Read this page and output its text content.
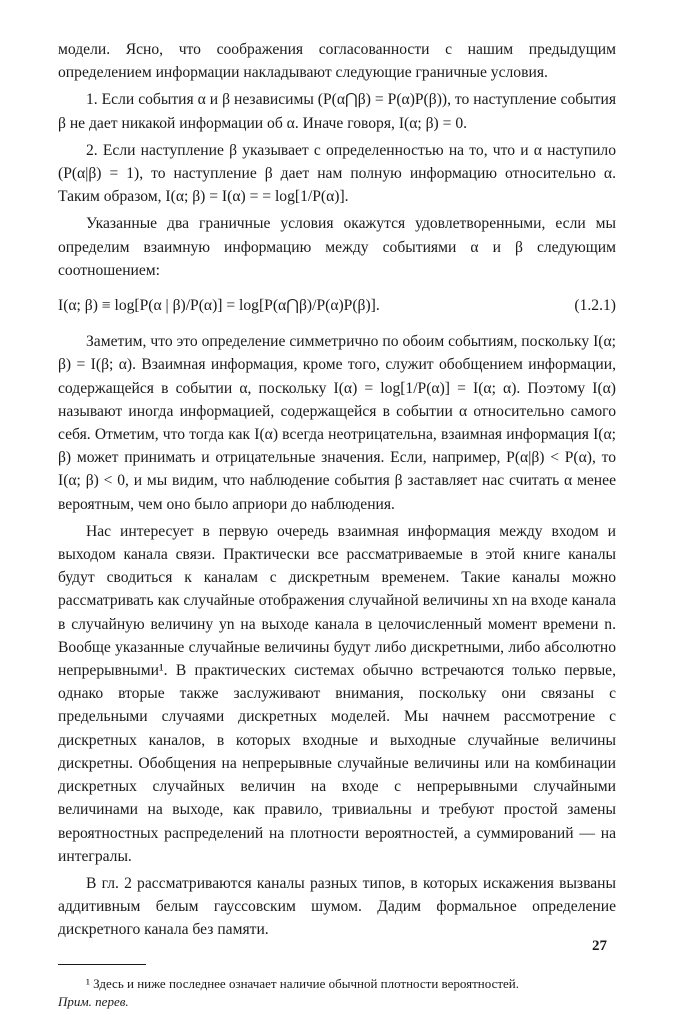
модели. Ясно, что соображения согласованности с нашим предыдущим определением информации накладывают следующие граничные условия.

1. Если события α и β независимы (P(α⋂β) = P(α)P(β)), то наступление события β не дает никакой информации об α. Иначе говоря, I(α; β) = 0.

2. Если наступление β указывает с определенностью на то, что и α наступило (P(α|β) = 1), то наступление β дает нам полную информацию относительно α. Таким образом, I(α; β) = I(α) = = log[1/P(α)].

Указанные два граничные условия окажутся удовлетворенными, если мы определим взаимную информацию между событиями α и β следующим соотношением:

I(α; β) ≡ log[P(α | β)/P(α)] = log[P(α⋂β)/P(α)P(β)].	(1.2.1)

Заметим, что это определение симметрично по обоим событиям, поскольку I(α; β) = I(β; α). Взаимная информация, кроме того, служит обобщением информации, содержащейся в событии α, поскольку I(α) = log[1/P(α)] = I(α; α). Поэтому I(α) называют иногда информацией, содержащейся в событии α относительно самого себя. Отметим, что тогда как I(α) всегда неотрицательна, взаимная информация I(α; β) может принимать и отрицательные значения. Если, например, P(α|β) < P(α), то I(α; β) < 0, и мы видим, что наблюдение события β заставляет нас считать α менее вероятным, чем оно было априори до наблюдения.

Нас интересует в первую очередь взаимная информация между входом и выходом канала связи. Практически все рассматриваемые в этой книге каналы будут сводиться к каналам с дискретным временем. Такие каналы можно рассматривать как случайные отображения случайной величины xn на входе канала в случайную величину yn на выходе канала в целочисленный момент времени n. Вообще указанные случайные величины будут либо дискретными, либо абсолютно непрерывными¹. В практических системах обычно встречаются только первые, однако вторые также заслуживают внимания, поскольку они связаны с предельными случаями дискретных моделей. Мы начнем рассмотрение с дискретных каналов, в которых входные и выходные случайные величины дискретны. Обобщения на непрерывные случайные величины или на комбинации дискретных случайных величин на входе с непрерывными случайными величинами на выходе, как правило, тривиальны и требуют простой замены вероятностных распределений на плотности вероятностей, а суммирований — на интегралы.

В гл. 2 рассматриваются каналы разных типов, в которых искажения вызваны аддитивным белым гауссовским шумом. Дадим формальное определение дискретного канала без памяти.

¹ Здесь и ниже последнее означает наличие обычной плотности вероятностей.

Прим. перев.

27
